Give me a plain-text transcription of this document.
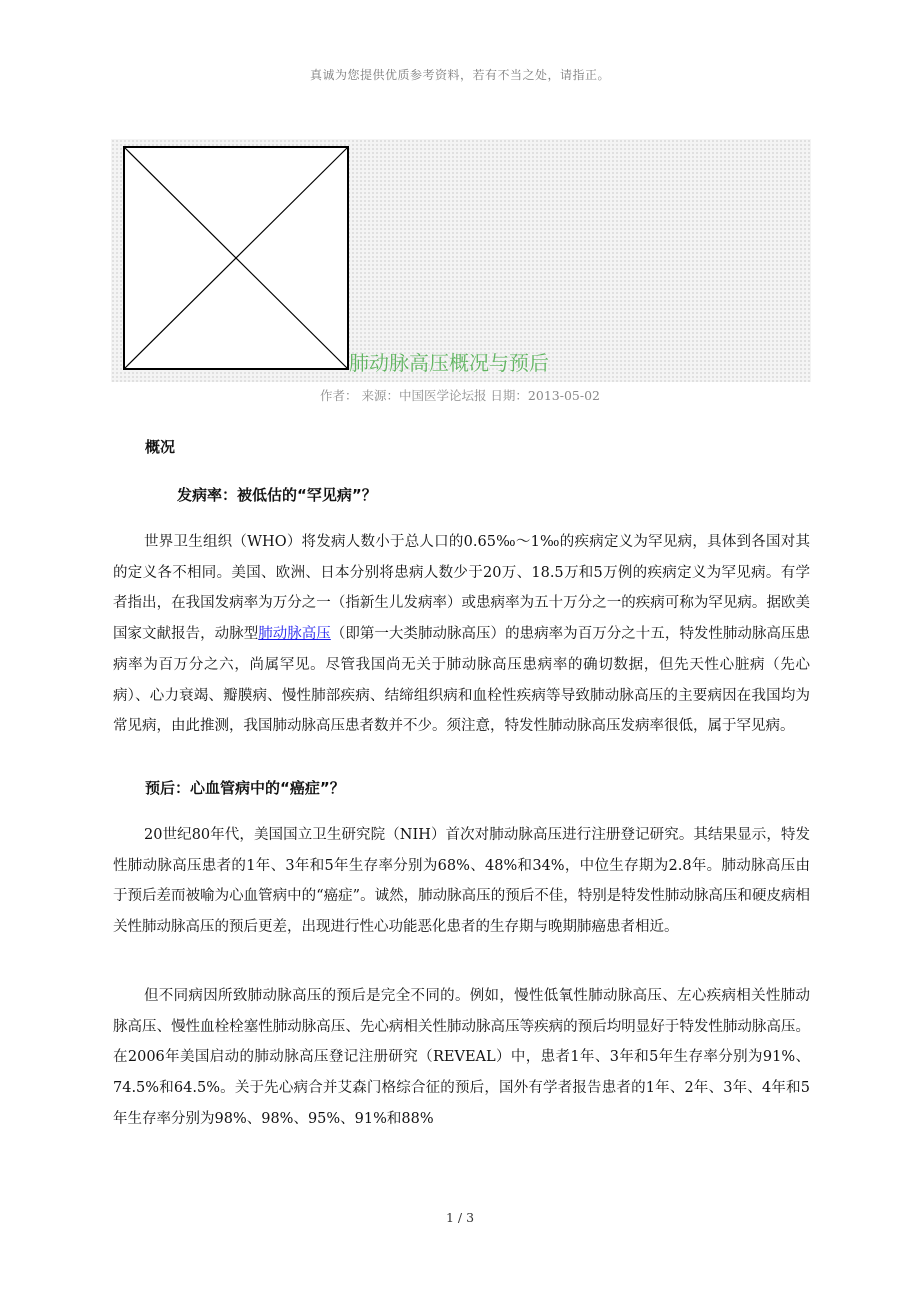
真诚为您提供优质参考资料，若有不当之处，请指正。
肺动脉高压概况与预后
作者： 来源：中国医学论坛报 日期：2013-05-02
概况
发病率：被低估的“罕见病”？

世界卫生组织（WHO）将发病人数小于总人口的0.65‰～1‰的疾病定义为罕见病，具体到各国对其的定义各不相同。美国、欧洲、日本分别将患病人数少于20万、18.5万和5万例的疾病定义为罕见病。有学者指出，在我国发病率为万分之一（指新生儿发病率）或患病率为五十万分之一的疾病可称为罕见病。据欧美国家文献报告，动脉型肺动脉高压（即第一大类肺动脉高压）的患病率为百万分之十五，特发性肺动脉高压患病率为百万分之六，尚属罕见。尽管我国尚无关于肺动脉高压患病率的确切数据，但先天性心脏病（先心病）、心力衰竭、瓣膜病、慢性肺部疾病、结缔组织病和血栓性疾病等导致肺动脉高压的主要病因在我国均为常见病，由此推测，我国肺动脉高压患者数并不少。须注意，特发性肺动脉高压发病率很低，属于罕见病。

预后：心血管病中的“癌症”？

20世纪80年代，美国国立卫生研究院（NIH）首次对肺动脉高压进行注册登记研究。其结果显示，特发性肺动脉高压患者的1年、3年和5年生存率分别为68%、48%和34%，中位生存期为2.8年。肺动脉高压由于预后差而被喻为心血管病中的“癌症”。诚然，肺动脉高压的预后不佳，特别是特发性肺动脉高压和硬皮病相关性肺动脉高压的预后更差，出现进行性心功能恶化患者的生存期与晚期肺癌患者相近。

但不同病因所致肺动脉高压的预后是完全不同的。例如，慢性低氧性肺动脉高压、左心疾病相关性肺动脉高压、慢性血栓栓塞性肺动脉高压、先心病相关性肺动脉高压等疾病的预后均明显好于特发性肺动脉高压。在2006年美国启动的肺动脉高压登记注册研究（REVEAL）中，患者1年、3年和5年生存率分别为91%、74.5%和64.5%。关于先心病合并艾森门格综合征的预后，国外有学者报告患者的1年、2年、3年、4年和5年生存率分别为98%、98%、95%、91%和88%

1 / 3
